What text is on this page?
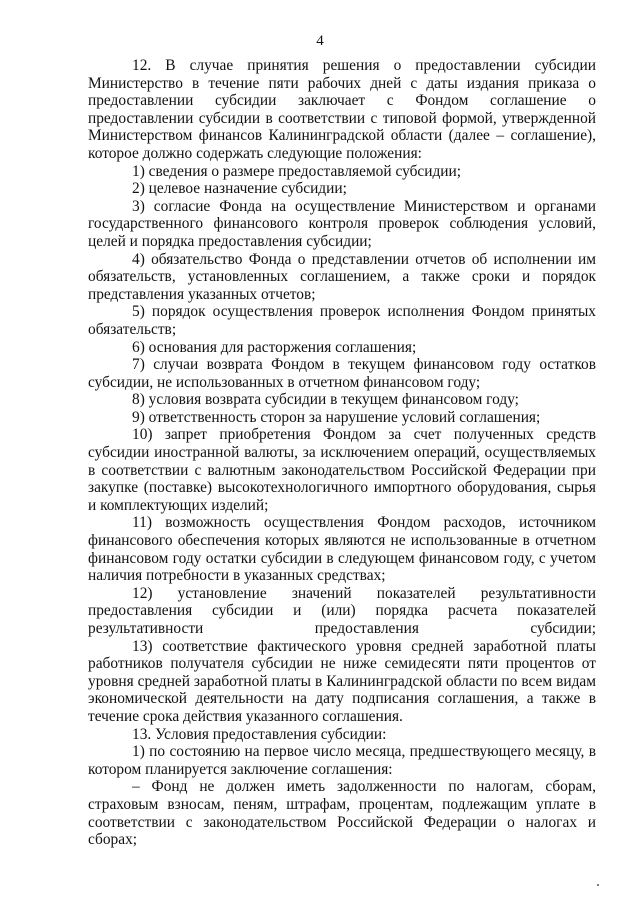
4

12. В случае принятия решения о предоставлении субсидии Министерство в течение пяти рабочих дней с даты издания приказа о предоставлении субсидии заключает с Фондом соглашение о предоставлении субсидии в соответствии с типовой формой, утвержденной Министерством финансов Калининградской области (далее – соглашение), которое должно содержать следующие положения:

1) сведения о размере предоставляемой субсидии;

2) целевое назначение субсидии;

3) согласие Фонда на осуществление Министерством и органами государственного финансового контроля проверок соблюдения условий, целей и порядка предоставления субсидии;

4) обязательство Фонда о представлении отчетов об исполнении им обязательств, установленных соглашением, а также сроки и порядок представления указанных отчетов;

5) порядок осуществления проверок исполнения Фондом принятых обязательств;

6) основания для расторжения соглашения;

7) случаи возврата Фондом в текущем финансовом году остатков субсидии, не использованных в отчетном финансовом году;

8) условия возврата субсидии в текущем финансовом году;

9) ответственность сторон за нарушение условий соглашения;

10) запрет приобретения Фондом за счет полученных средств субсидии иностранной валюты, за исключением операций, осуществляемых в соответствии с валютным законодательством Российской Федерации при закупке (поставке) высокотехнологичного импортного оборудования, сырья и комплектующих изделий;

11) возможность осуществления Фондом расходов, источником финансового обеспечения которых являются не использованные в отчетном финансовом году остатки субсидии в следующем финансовом году, с учетом наличия потребности в указанных средствах;

12) установление значений показателей результативности предоставления субсидии и (или) порядка расчета показателей результативности предоставления субсидии;

13) соответствие фактического уровня средней заработной платы работников получателя субсидии не ниже семидесяти пяти процентов от уровня средней заработной платы в Калининградской области по всем видам экономической деятельности на дату подписания соглашения, а также в течение срока действия указанного соглашения.

13. Условия предоставления субсидии:

1) по состоянию на первое число месяца, предшествующего месяцу, в котором планируется заключение соглашения:

– Фонд не должен иметь задолженности по налогам, сборам, страховым взносам, пеням, штрафам, процентам, подлежащим уплате в соответствии с законодательством Российской Федерации о налогах и сборах;
